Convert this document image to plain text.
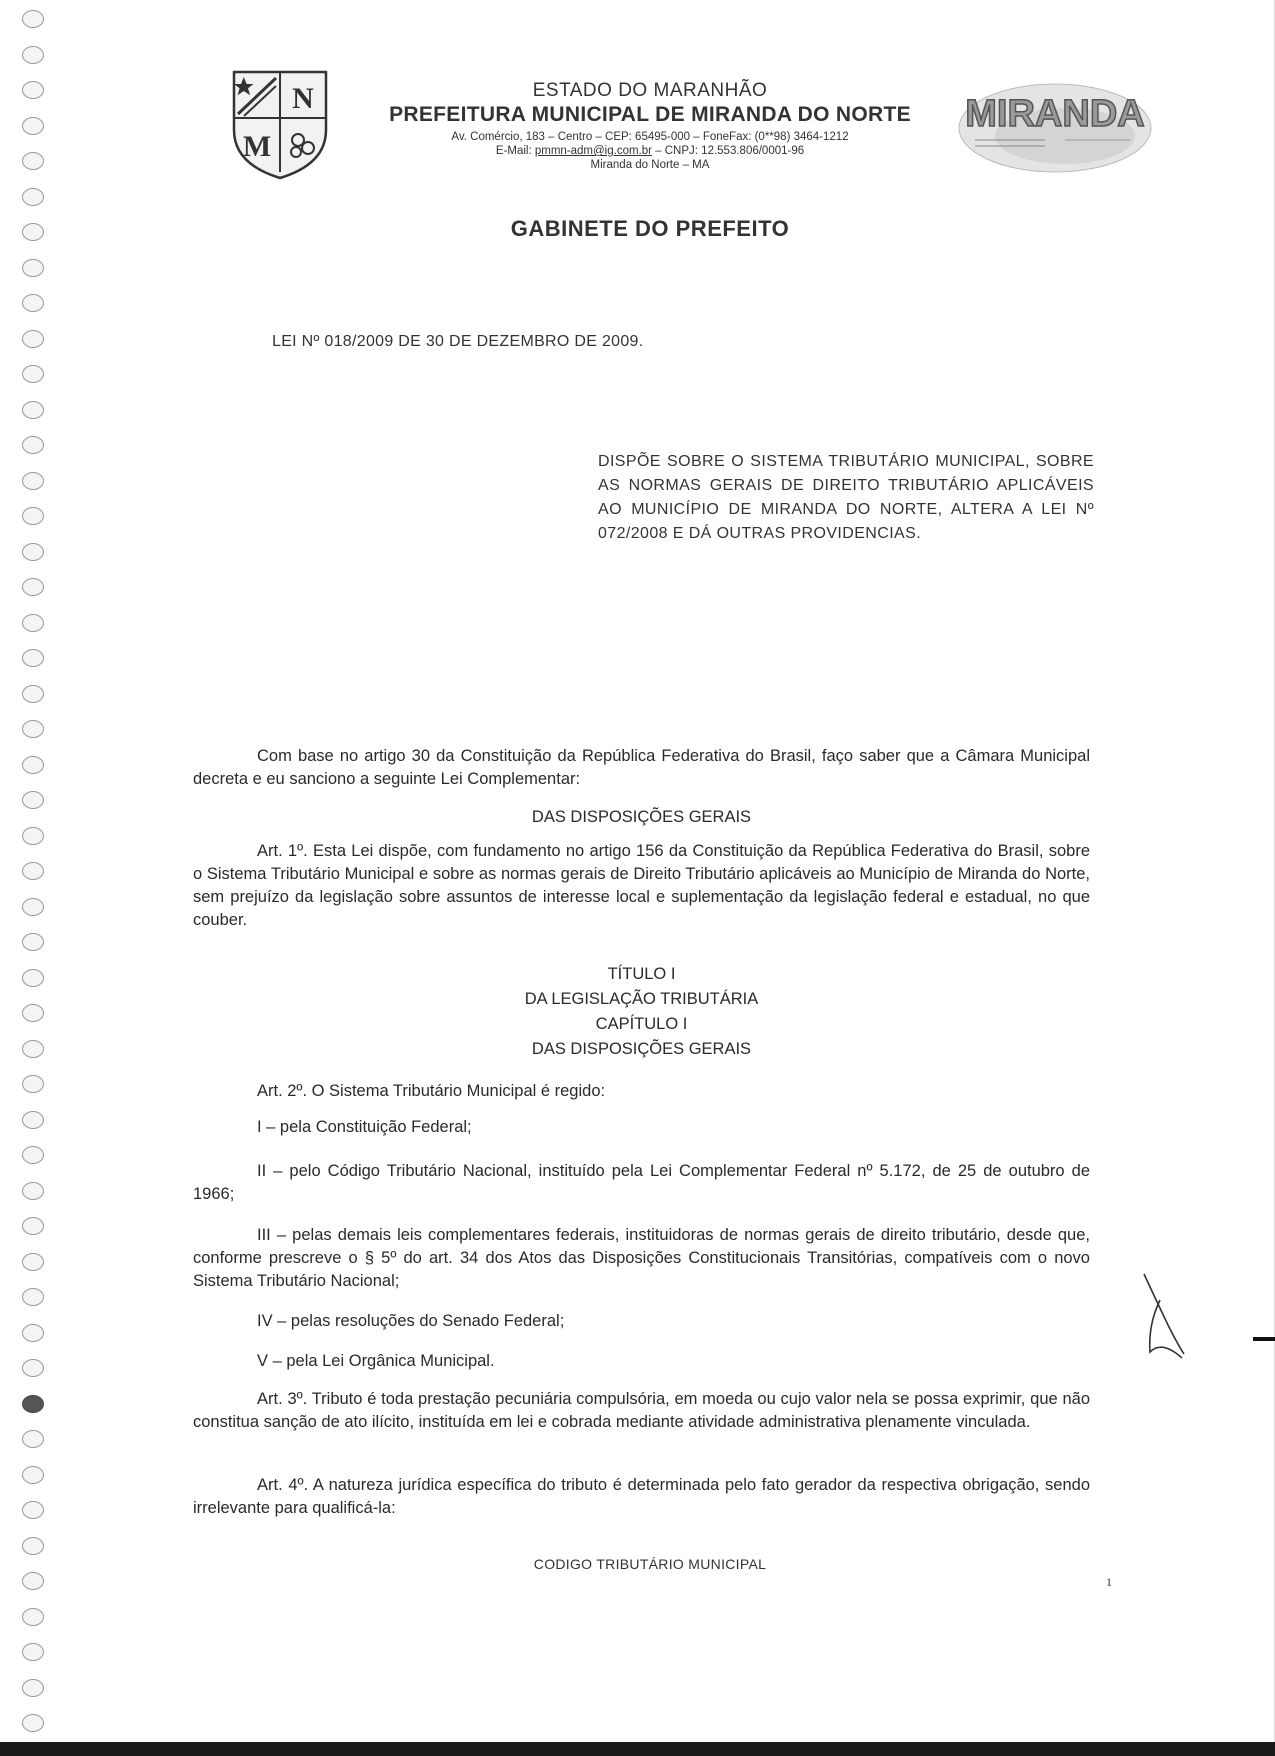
N
M
ESTADO DO MARANHÃO
PREFEITURA MUNICIPAL DE MIRANDA DO NORTE
Av. Comércio, 183 – Centro – CEP: 65495-000 – FoneFax: (0**98) 3464-1212
E-Mail: pmmn-adm@ig.com.br – CNPJ: 12.553.806/0001-96
Miranda do Norte – MA
MIRANDA
GABINETE DO PREFEITO
LEI Nº 018/2009 DE 30 DE DEZEMBRO DE 2009.
DISPÕE SOBRE O SISTEMA TRIBUTÁRIO MUNICIPAL, SOBRE AS NORMAS GERAIS DE DIREITO TRIBUTÁRIO APLICÁVEIS AO MUNICÍPIO DE MIRANDA DO NORTE, ALTERA A LEI Nº 072/2008 E DÁ OUTRAS PROVIDENCIAS.
Com base no artigo 30 da Constituição da República Federativa do Brasil, faço saber que a Câmara Municipal decreta e eu sanciono a seguinte Lei Complementar:
DAS DISPOSIÇÕES GERAIS
Art. 1º. Esta Lei dispõe, com fundamento no artigo 156 da Constituição da República Federativa do Brasil, sobre o Sistema Tributário Municipal e sobre as normas gerais de Direito Tributário aplicáveis ao Município de Miranda do Norte, sem prejuízo da legislação sobre assuntos de interesse local e suplementação da legislação federal e estadual, no que couber.
TÍTULO I
DA LEGISLAÇÃO TRIBUTÁRIA
CAPÍTULO I
DAS DISPOSIÇÕES GERAIS
Art. 2º. O Sistema Tributário Municipal é regido:
I – pela Constituição Federal;
II – pelo Código Tributário Nacional, instituído pela Lei Complementar Federal nº 5.172, de 25 de outubro de 1966;
III – pelas demais leis complementares federais, instituidoras de normas gerais de direito tributário, desde que, conforme prescreve o § 5º do art. 34 dos Atos das Disposições Constitucionais Transitórias, compatíveis com o novo Sistema Tributário Nacional;
IV – pelas resoluções do Senado Federal;
V – pela Lei Orgânica Municipal.
Art. 3º. Tributo é toda prestação pecuniária compulsória, em moeda ou cujo valor nela se possa exprimir, que não constitua sanção de ato ilícito, instituída em lei e cobrada mediante atividade administrativa plenamente vinculada.
Art. 4º. A natureza jurídica específica do tributo é determinada pelo fato gerador da respectiva obrigação, sendo irrelevante para qualificá-la:
CODIGO TRIBUTÁRIO MUNICIPAL
1
